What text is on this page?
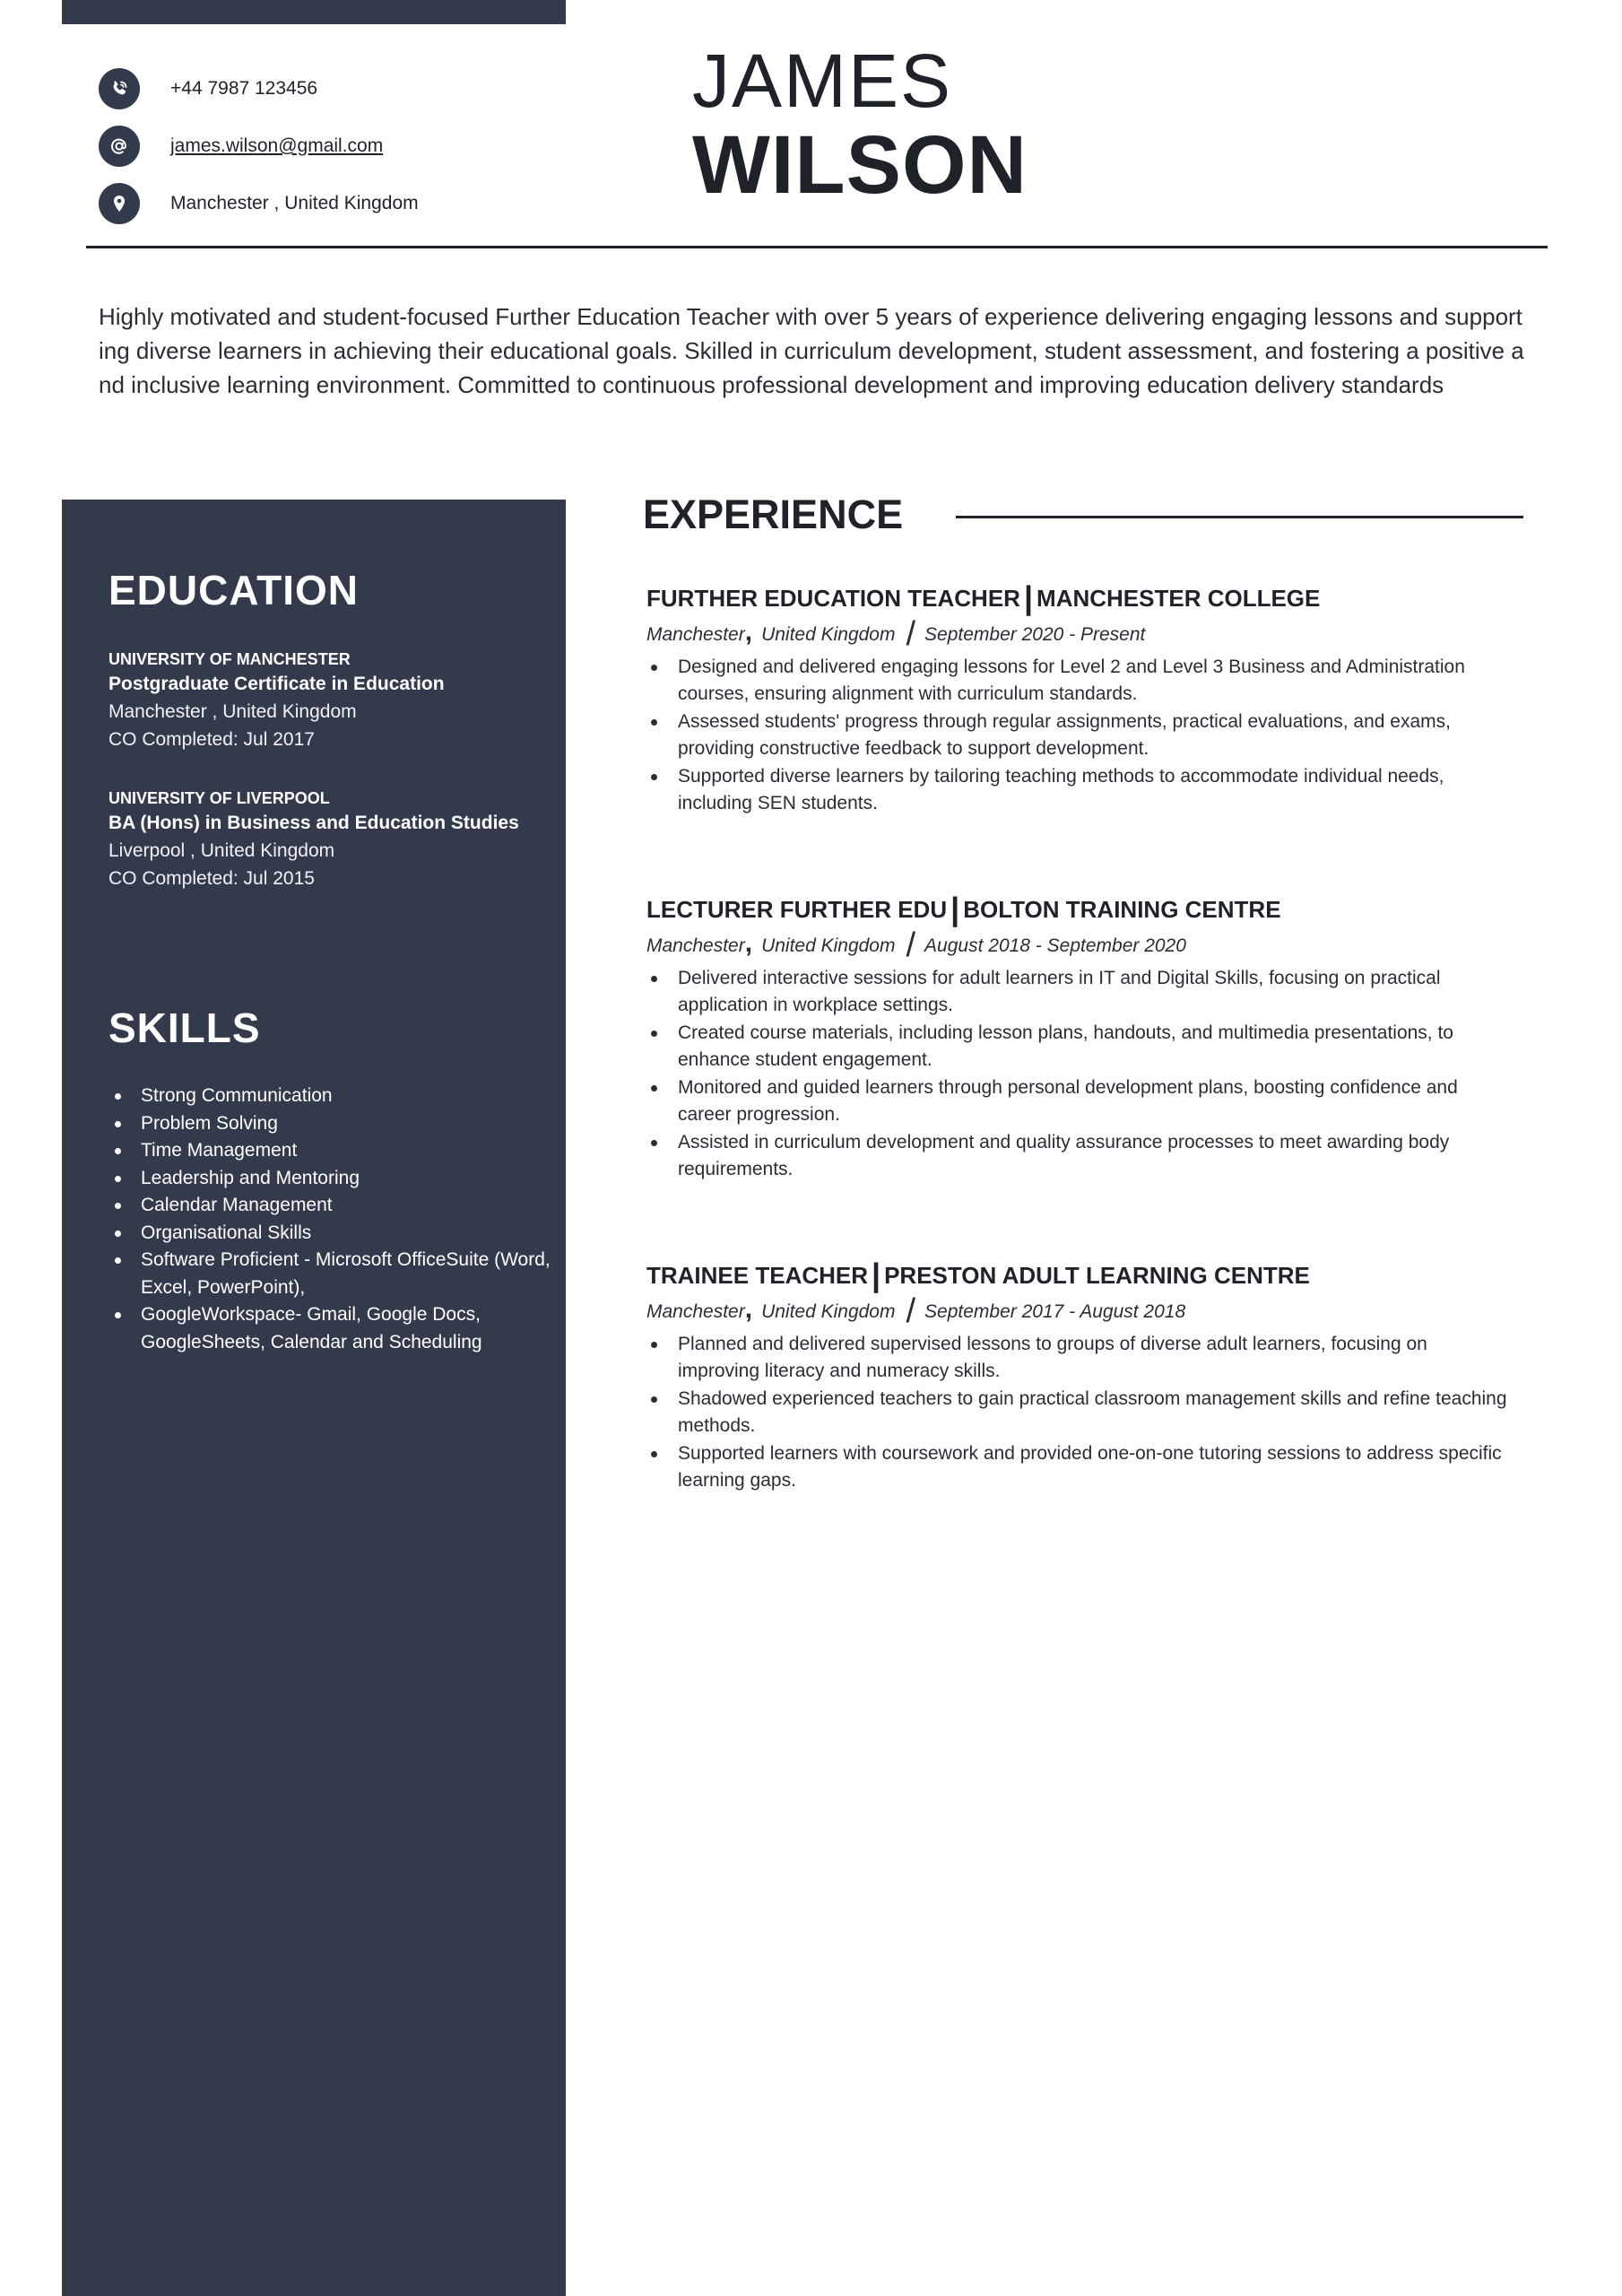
+44 7987 123456
james.wilson@gmail.com
Manchester , United Kingdom
JAMES
WILSON

Highly motivated and student-focused Further Education Teacher with over 5 years of experience delivering engaging lessons and supporting diverse learners in achieving their educational goals. Skilled in curriculum development, student assessment, and fostering a positive and inclusive learning environment. Committed to continuous professional development and improving education delivery standards

EDUCATION
UNIVERSITY OF MANCHESTER
Postgraduate Certificate in Education
Manchester , United Kingdom
CO Completed: Jul 2017
UNIVERSITY OF LIVERPOOL
BA (Hons) in Business and Education Studies
Liverpool , United Kingdom
CO Completed: Jul 2015
SKILLS
Strong Communication
Problem Solving
Time Management
Leadership and Mentoring
Calendar Management
Organisational Skills
Software Proficient - Microsoft OfficeSuite (Word, Excel, PowerPoint),
GoogleWorkspace- Gmail, Google Docs, GoogleSheets, Calendar and Scheduling
EXPERIENCE
FURTHER EDUCATION TEACHER | MANCHESTER COLLEGE
Manchester, United Kingdom / September 2020 - Present
Designed and delivered engaging lessons for Level 2 and Level 3 Business and Administration courses, ensuring alignment with curriculum standards.
Assessed students' progress through regular assignments, practical evaluations, and exams, providing constructive feedback to support development.
Supported diverse learners by tailoring teaching methods to accommodate individual needs, including SEN students.
LECTURER FURTHER EDU | BOLTON TRAINING CENTRE
Manchester, United Kingdom / August 2018 - September 2020
Delivered interactive sessions for adult learners in IT and Digital Skills, focusing on practical application in workplace settings.
Created course materials, including lesson plans, handouts, and multimedia presentations, to enhance student engagement.
Monitored and guided learners through personal development plans, boosting confidence and career progression.
Assisted in curriculum development and quality assurance processes to meet awarding body requirements.
TRAINEE TEACHER | PRESTON ADULT LEARNING CENTRE
Manchester, United Kingdom / September 2017 - August 2018
Planned and delivered supervised lessons to groups of diverse adult learners, focusing on improving literacy and numeracy skills.
Shadowed experienced teachers to gain practical classroom management skills and refine teaching methods.
Supported learners with coursework and provided one-on-one tutoring sessions to address specific learning gaps.
